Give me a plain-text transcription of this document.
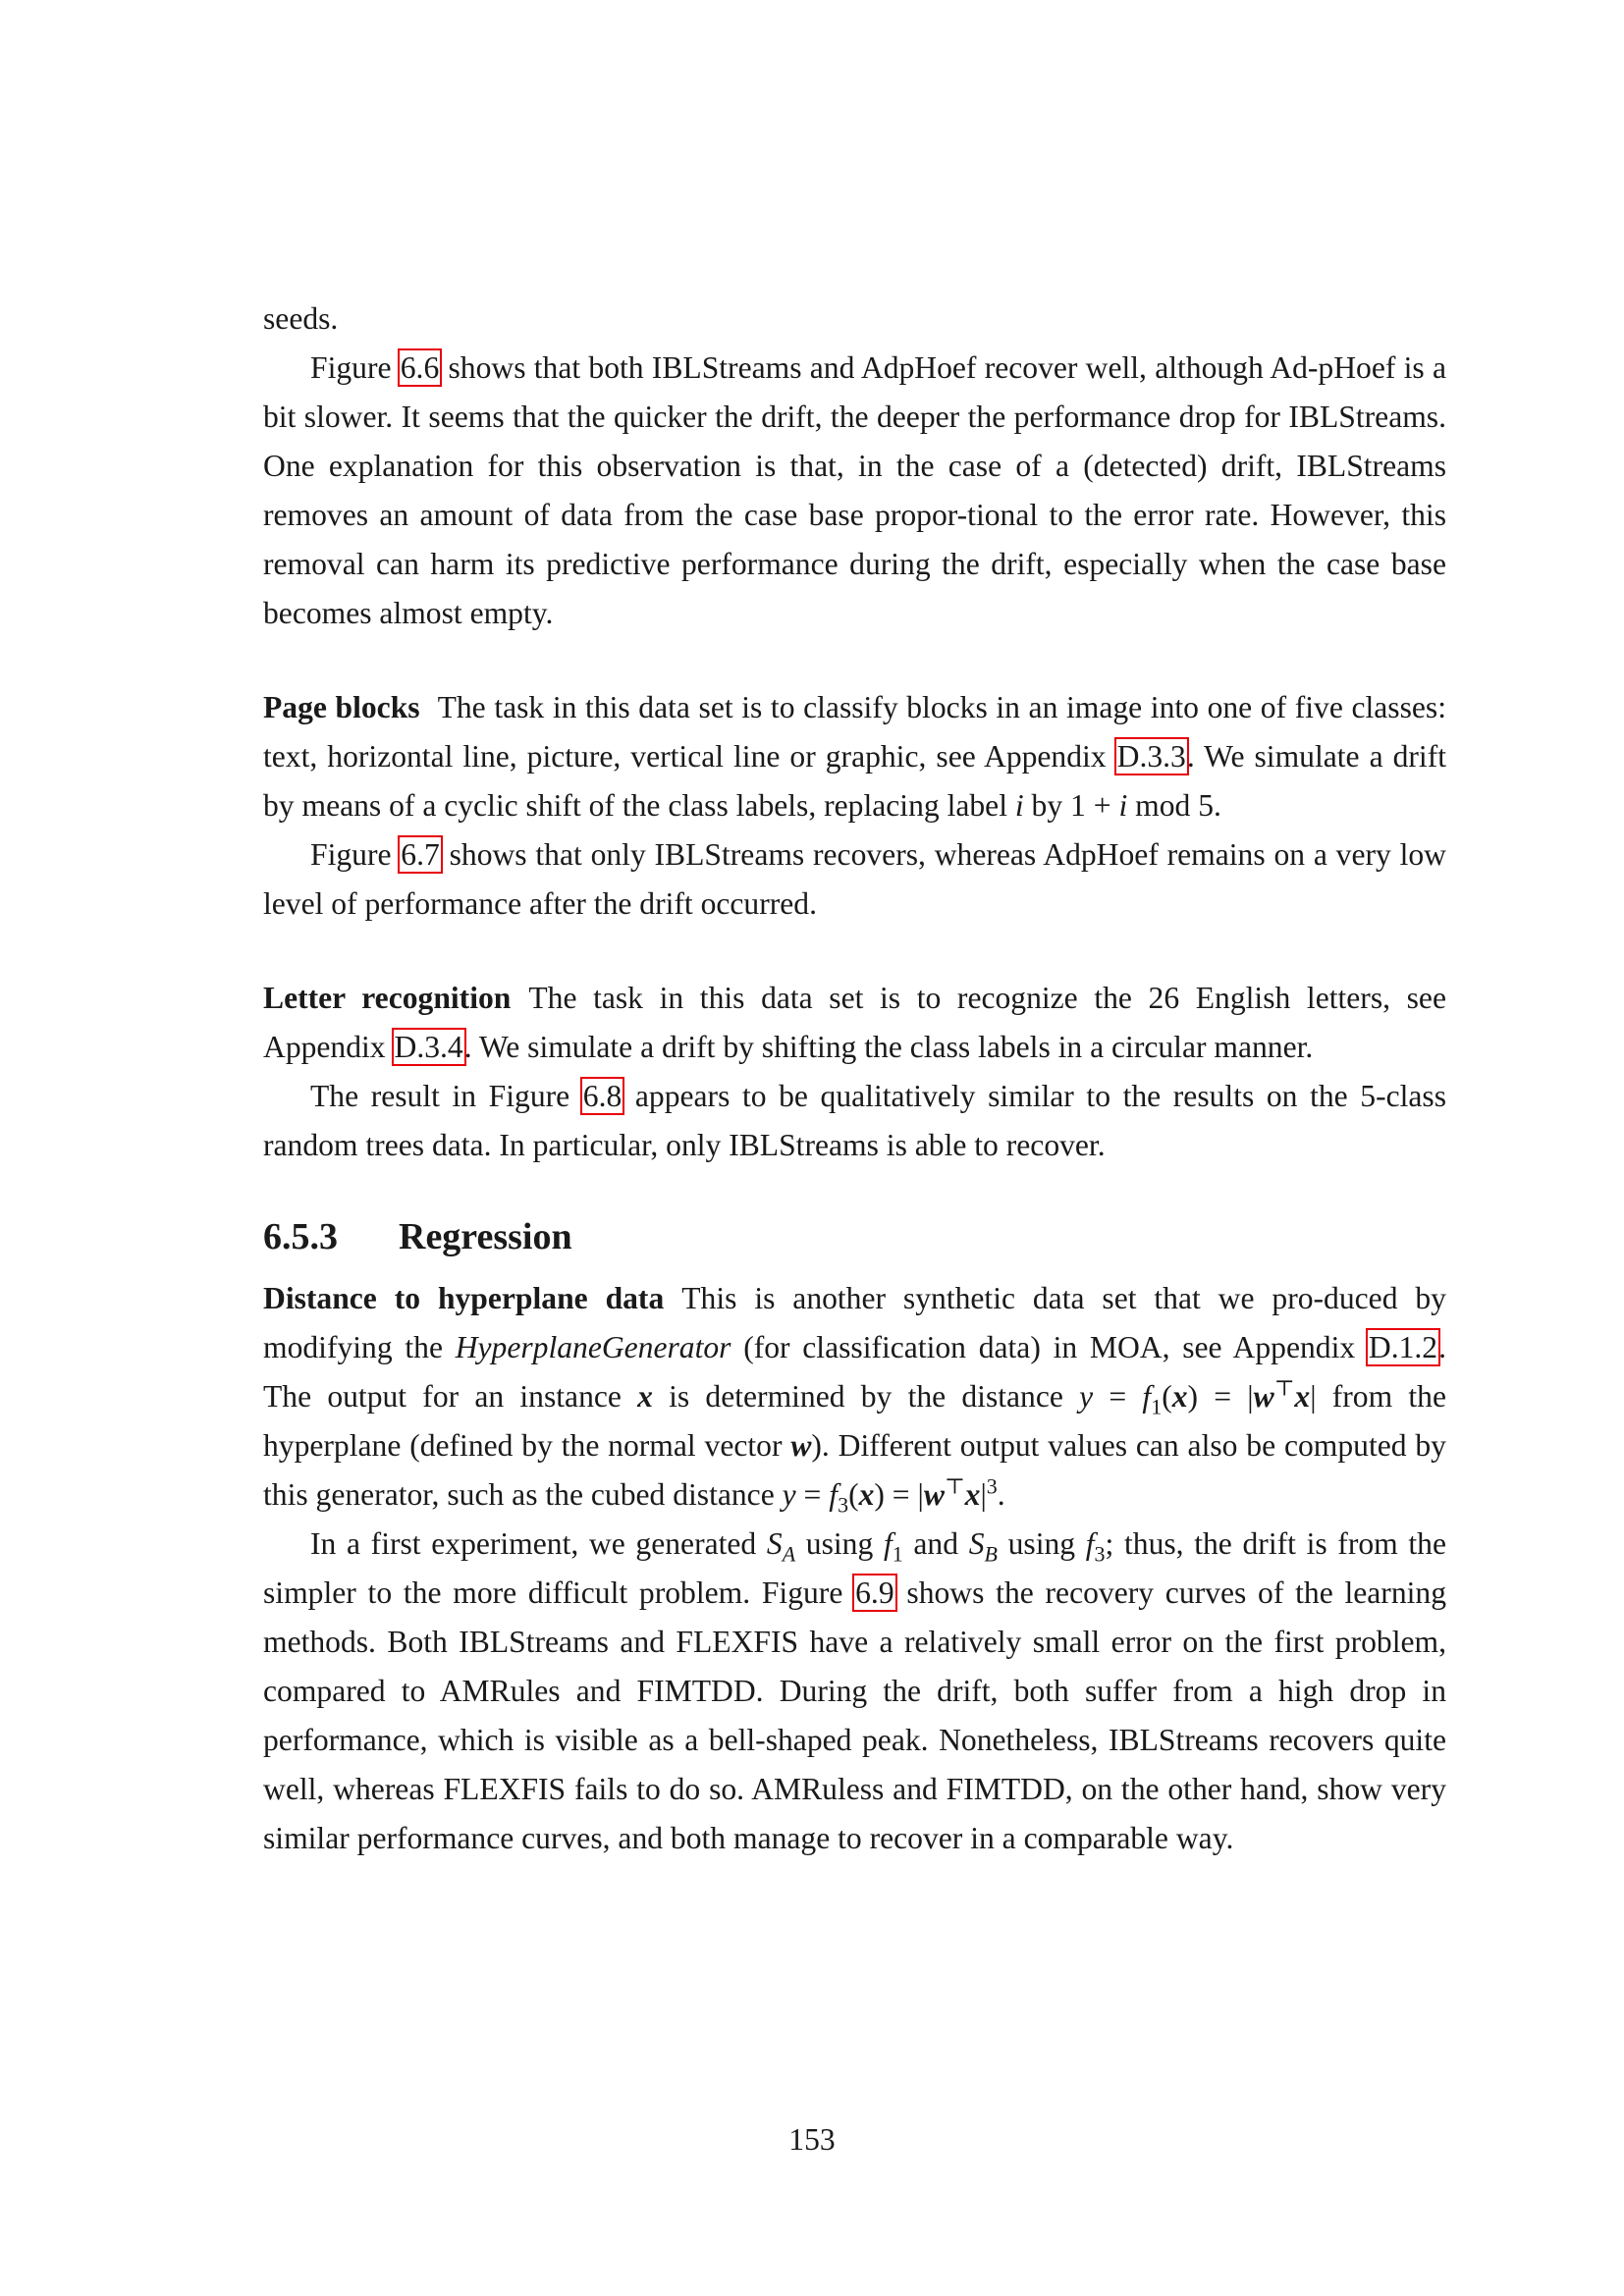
seeds.

Figure 6.6 shows that both IBLStreams and AdpHoef recover well, although Ad-pHoef is a bit slower. It seems that the quicker the drift, the deeper the performance drop for IBLStreams. One explanation for this observation is that, in the case of a (detected) drift, IBLStreams removes an amount of data from the case base propor-tional to the error rate. However, this removal can harm its predictive performance during the drift, especially when the case base becomes almost empty.

Page blocks The task in this data set is to classify blocks in an image into one of five classes: text, horizontal line, picture, vertical line or graphic, see Appendix D.3.3. We simulate a drift by means of a cyclic shift of the class labels, replacing label i by 1 + i mod 5.

Figure 6.7 shows that only IBLStreams recovers, whereas AdpHoef remains on a very low level of performance after the drift occurred.

Letter recognition The task in this data set is to recognize the 26 English letters, see Appendix D.3.4. We simulate a drift by shifting the class labels in a circular manner.

The result in Figure 6.8 appears to be qualitatively similar to the results on the 5-class random trees data. In particular, only IBLStreams is able to recover.

6.5.3 Regression

Distance to hyperplane data This is another synthetic data set that we pro-duced by modifying the HyperplaneGenerator (for classification data) in MOA, see Appendix D.1.2. The output for an instance x is determined by the distance $y = f_1(x) = |w^⊤x|$ from the hyperplane (defined by the normal vector w). Different output values can also be computed by this generator, such as the cubed distance $y = f_3(x) = |w^⊤x|^3$.

In a first experiment, we generated $S_A$ using $f_1$ and $S_B$ using $f_3$; thus, the drift is from the simpler to the more difficult problem. Figure 6.9 shows the recovery curves of the learning methods. Both IBLStreams and FLEXFIS have a relatively small error on the first problem, compared to AMRules and FIMTDD. During the drift, both suffer from a high drop in performance, which is visible as a bell-shaped peak. Nonetheless, IBLStreams recovers quite well, whereas FLEXFIS fails to do so. AMRuless and FIMTDD, on the other hand, show very similar performance curves, and both manage to recover in a comparable way.

153
